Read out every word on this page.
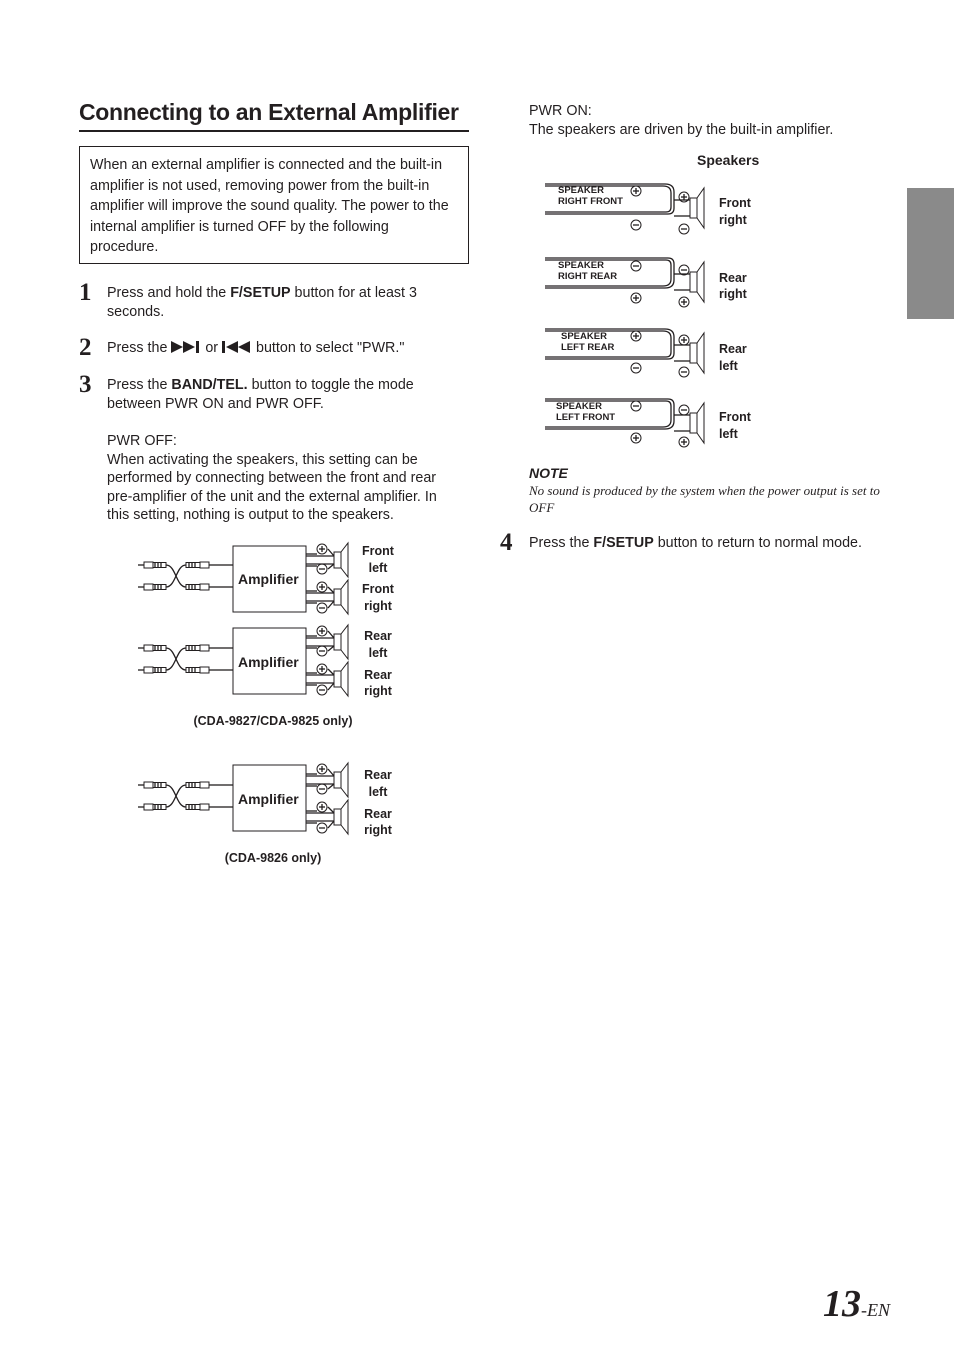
Connecting to an External Amplifier
When an external amplifier is connected and the built-in amplifier is not used, removing power from the built-in amplifier will improve the sound quality. The power to the internal amplifier is turned OFF by the following procedure.
1 Press and hold the F/SETUP button for at least 3 seconds.
2 Press the  or  button to select "PWR."
3 Press the BAND/TEL. button to toggle the mode between PWR ON and PWR OFF.
PWR OFF:
When activating the speakers, this setting can be performed by connecting between the front and rear pre-amplifier of the unit and the external amplifier. In this setting, nothing is output to the speakers.
Amplifier
Front
left
Front
right
Amplifier
Rear
left
Rear
right
(CDA-9827/CDA-9825 only)
Amplifier
Rear
left
Rear
right
(CDA-9826 only)
PWR ON:
The speakers are driven by the built-in amplifier.
Speakers
SPEAKER
RIGHT FRONT	Front
right
SPEAKER
RIGHT REAR	Rear
right
SPEAKER
LEFT REAR	Rear
left
SPEAKER
LEFT FRONT	Front
left
NOTE
No sound is produced by the system when the power output is set to OFF
4 Press the F/SETUP button to return to normal mode.
13-EN
